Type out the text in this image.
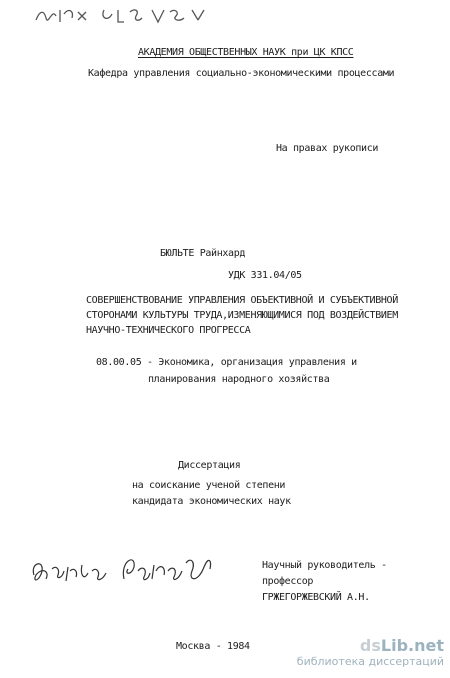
АКАДЕМИЯ ОБЩЕСТВЕННЫХ НАУК при ЦК КПСС
Кафедра управления социально-экономическими процессами
На правах рукописи
БЮЛЬТЕ Райнхард
УДК 331.04/05
СОВЕРШЕНСТВОВАНИЕ УПРАВЛЕНИЯ ОБЪЕКТИВНОЙ И СУБЪЕКТИВНОЙ
СТОРОНАМИ КУЛЬТУРЫ ТРУДА,ИЗМЕНЯЮЩИМИСЯ ПОД ВОЗДЕЙСТВИЕМ
НАУЧНО-ТЕХНИЧЕСКОГО ПРОГРЕССА
08.00.05 - Экономика, организация управления и
планирования народного хозяйства
Диссертация
на соискание ученой степени
кандидата экономических наук
Научный руководитель -
профессор
ГРЖЕГОРЖЕВСКИЙ А.Н.
Москва - 1984	dsLib.net
библиотека диссертаций
